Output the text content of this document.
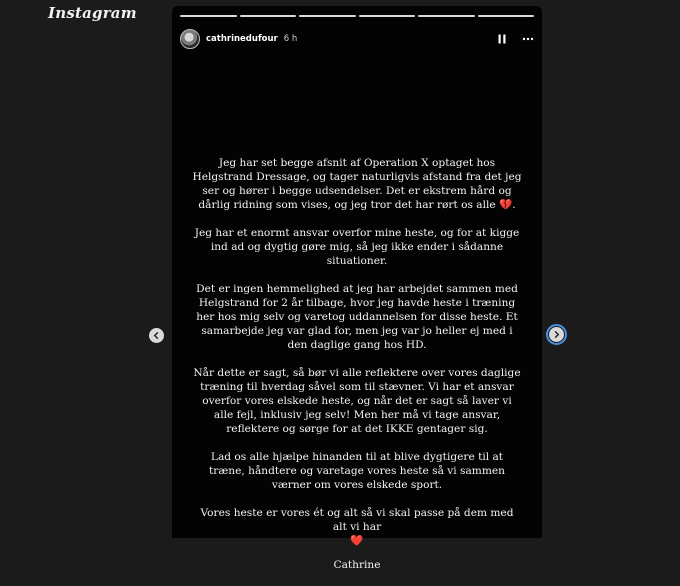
Instagram
cathrinedufour 6 h

Jeg har set begge afsnit af Operation X optaget hos Helgstrand Dressage, og tager naturligvis afstand fra det jeg ser og hører i begge udsendelser. Det er ekstrem hård og dårlig ridning som vises, og jeg tror det har rørt os alle 💔.

Jeg har et enormt ansvar overfor mine heste, og for at kigge ind ad og dygtig gøre mig, så jeg ikke ender i sådanne situationer.

Det er ingen hemmelighed at jeg har arbejdet sammen med Helgstrand for 2 år tilbage, hvor jeg havde heste i træning her hos mig selv og varetog uddannelsen for disse heste. Et samarbejde jeg var glad for, men jeg var jo heller ej med i den daglige gang hos HD.

Når dette er sagt, så bør vi alle reflektere over vores daglige træning til hverdag såvel som til stævner. Vi har et ansvar overfor vores elskede heste, og når det er sagt så laver vi alle fejl, inklusiv jeg selv! Men her må vi tage ansvar, reflektere og sørge for at det IKKE gentager sig.

Lad os alle hjælpe hinanden til at blive dygtigere til at træne, håndtere og varetage vores heste så vi sammen værner om vores elskede sport.

Vores heste er vores ét og alt så vi skal passe på dem med alt vi har
❤️

Cathrine
